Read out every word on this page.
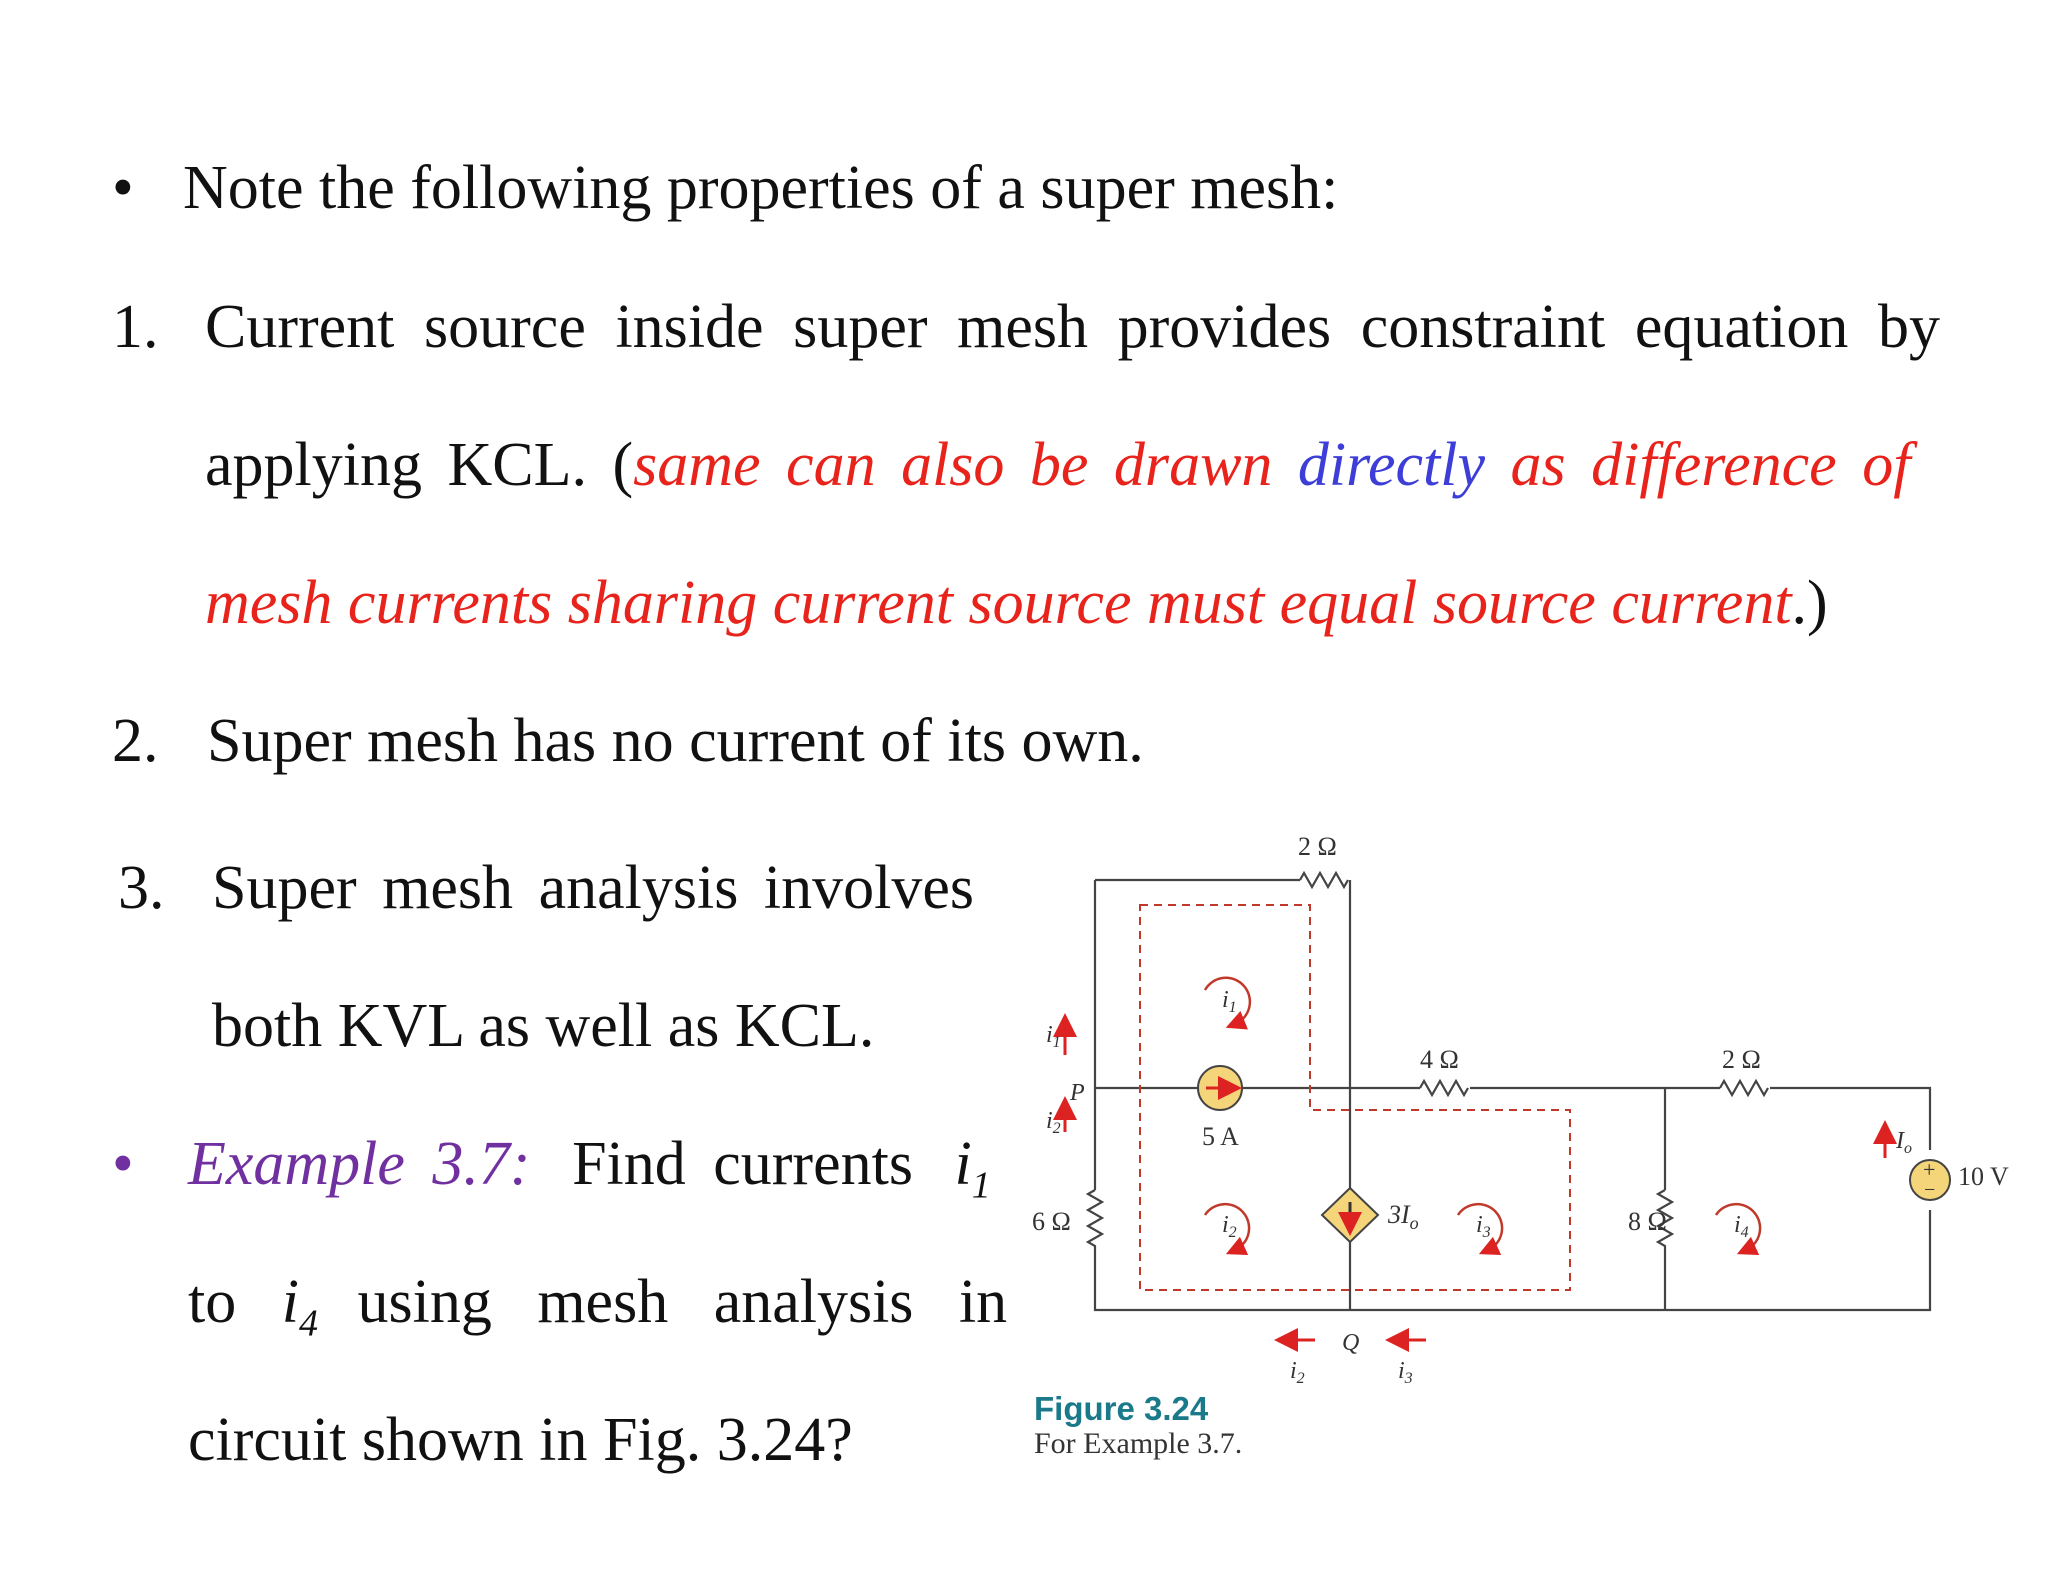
• Note the following properties of a super mesh:
1. Current source inside super mesh provides constraint equation by
applying KCL. (same can also be drawn directly as difference of
mesh currents sharing current source must equal source current.)
2. Super mesh has no current of its own.
3. Super mesh analysis involves
both KVL as well as KCL.
• Example 3.7: Find currents $i_1$
to $i_4$ using mesh analysis in
circuit shown in Fig. 3.24?
2 Ω
4 Ω	2 Ω
6 Ω	8 Ω
5 A
10 V
P
Q
$3I_o$
+
−
$i_1$
$i_2$	$i_3$	$i_4$
$i_1$
$i_2$
$i_2$	$i_3$
$I_o$
Figure 3.24
For Example 3.7.
